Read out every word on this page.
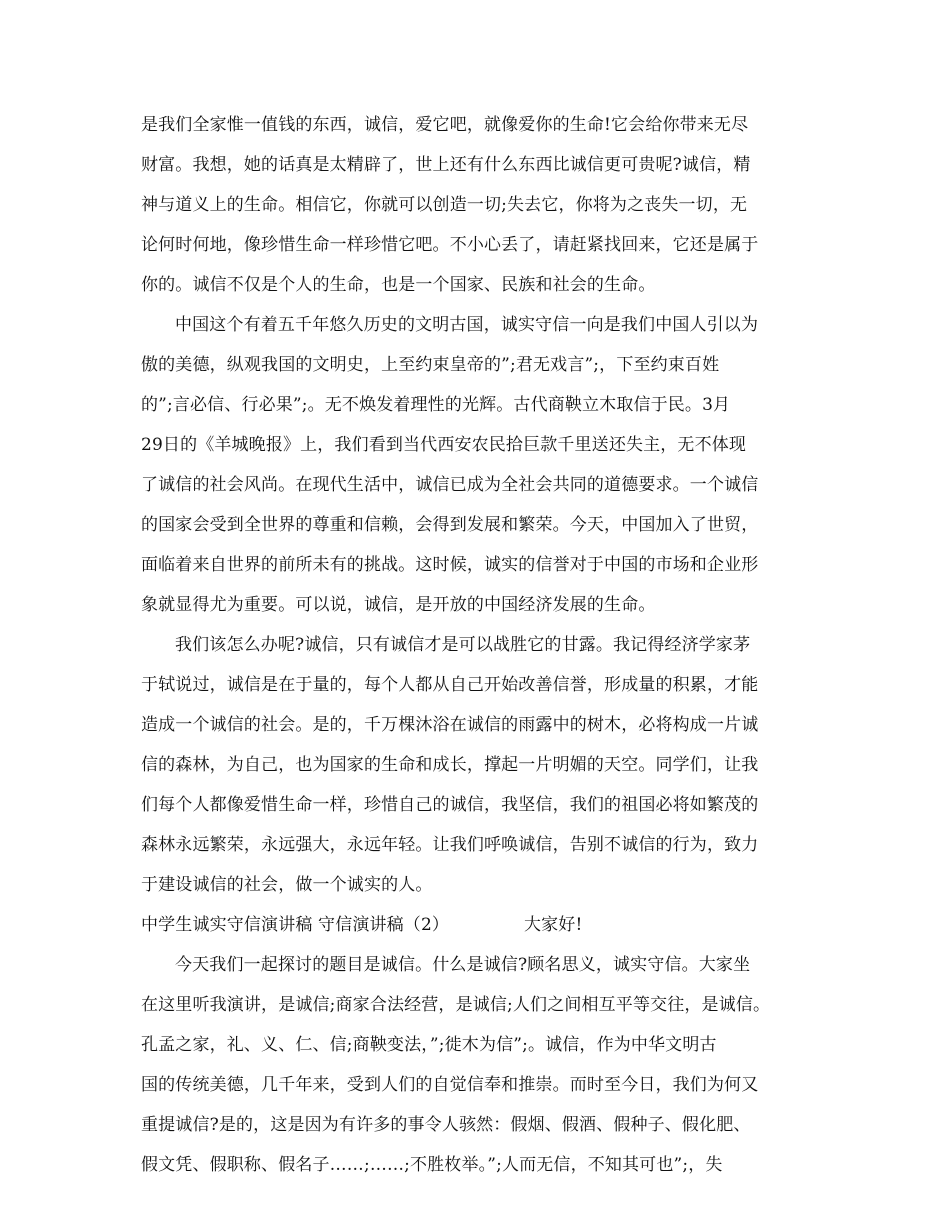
是我们全家惟一值钱的东西，诚信，爱它吧，就像爱你的生命!它会给你带来无尽
财富。我想，她的话真是太精辟了，世上还有什么东西比诚信更可贵呢?诚信，精
神与道义上的生命。相信它，你就可以创造一切;失去它，你将为之丧失一切，无
论何时何地，像珍惜生命一样珍惜它吧。不小心丢了，请赶紧找回来，它还是属于
你的。诚信不仅是个人的生命，也是一个国家、民族和社会的生命。
中国这个有着五千年悠久历史的文明古国，诚实守信一向是我们中国人引以为
傲的美德，纵观我国的文明史，上至约束皇帝的”;君无戏言”;，下至约束百姓
的”;言必信、行必果”;。无不焕发着理性的光辉。古代商鞅立木取信于民。3月
29日的《羊城晚报》上，我们看到当代西安农民拾巨款千里送还失主，无不体现
了诚信的社会风尚。在现代生活中，诚信已成为全社会共同的道德要求。一个诚信
的国家会受到全世界的尊重和信赖，会得到发展和繁荣。今天，中国加入了世贸，
面临着来自世界的前所未有的挑战。这时候，诚实的信誉对于中国的市场和企业形
象就显得尤为重要。可以说，诚信，是开放的中国经济发展的生命。
我们该怎么办呢?诚信，只有诚信才是可以战胜它的甘露。我记得经济学家茅
于轼说过，诚信是在于量的，每个人都从自己开始改善信誉，形成量的积累，才能
造成一个诚信的社会。是的，千万棵沐浴在诚信的雨露中的树木，必将构成一片诚
信的森林，为自己，也为国家的生命和成长，撑起一片明媚的天空。同学们，让我
们每个人都像爱惜生命一样，珍惜自己的诚信，我坚信，我们的祖国必将如繁茂的
森林永远繁荣，永远强大，永远年轻。让我们呼唤诚信，告别不诚信的行为，致力
于建设诚信的社会，做一个诚实的人。
中学生诚实守信演讲稿 守信演讲稿（2）	大家好!
今天我们一起探讨的题目是诚信。什么是诚信?顾名思义，诚实守信。大家坐
在这里听我演讲，是诚信;商家合法经营，是诚信;人们之间相互平等交往，是诚信。
孔孟之家，礼、义、仁、信;商鞅变法，”;徙木为信”;。诚信，作为中华文明古
国的传统美德，几千年来，受到人们的自觉信奉和推崇。而时至今日，我们为何又
重提诚信?是的，这是因为有许多的事令人骇然：假烟、假酒、假种子、假化肥、
假文凭、假职称、假名子……;……;不胜枚举。”;人而无信，不知其可也”;，失
